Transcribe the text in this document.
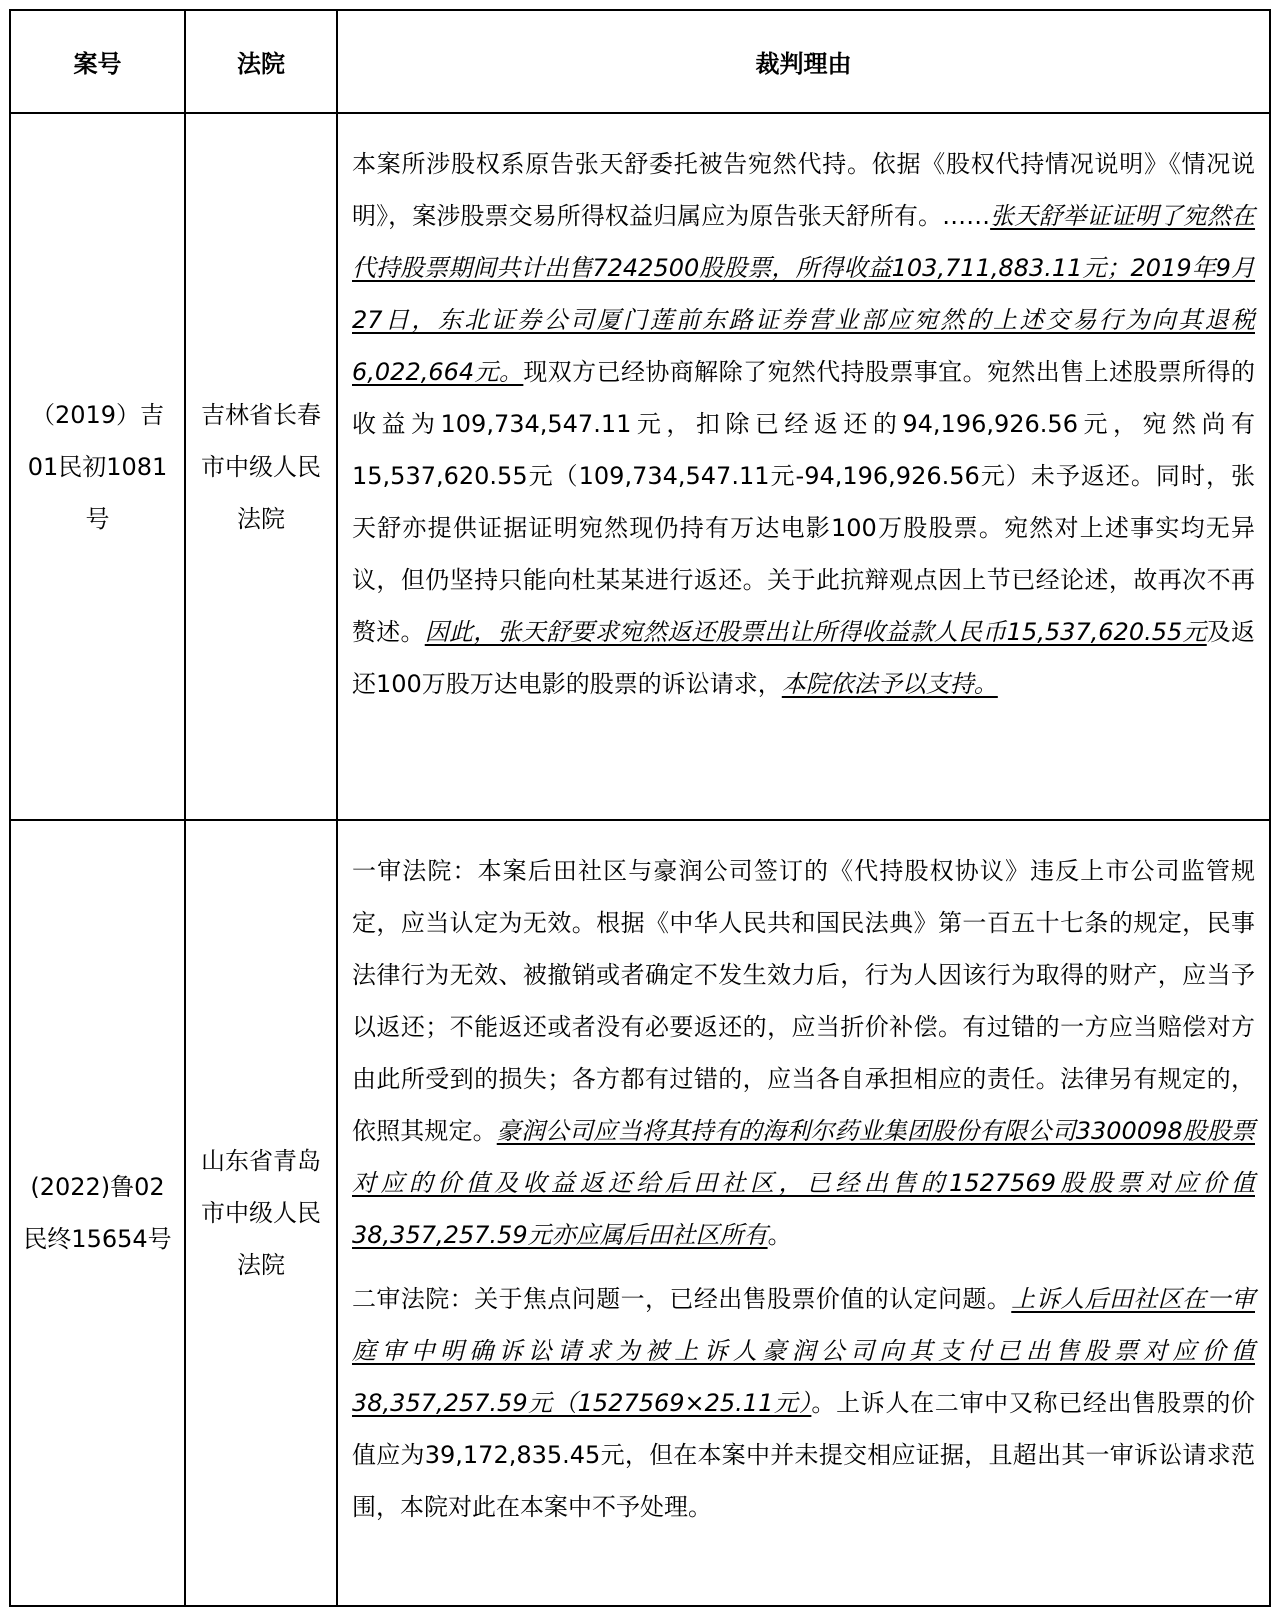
案号	法院	裁判理由

（2019）吉01民初1081号	吉林省长春市中级人民法院	本案所涉股权系原告张天舒委托被告宛然代持。依据《股权代持情况说明》《情况说明》，案涉股票交易所得权益归属应为原告张天舒所有。……张天舒举证证明了宛然在代持股票期间共计出售7242500股股票，所得收益103,711,883.11元；2019年9月27日，东北证券公司厦门莲前东路证券营业部应宛然的上述交易行为向其退税6,022,664元。现双方已经协商解除了宛然代持股票事宜。宛然出售上述股票所得的收益为109,734,547.11元，扣除已经返还的94,196,926.56元，宛然尚有15,537,620.55元（109,734,547.11元-94,196,926.56元）未予返还。同时，张天舒亦提供证据证明宛然现仍持有万达电影100万股股票。宛然对上述事实均无异议，但仍坚持只能向杜某某进行返还。关于此抗辩观点因上节已经论述，故再次不再赘述。因此，张天舒要求宛然返还股票出让所得收益款人民币15,537,620.55元及返还100万股万达电影的股票的诉讼请求，本院依法予以支持。

(2022)鲁02民终15654号	山东省青岛市中级人民法院	一审法院：本案后田社区与豪润公司签订的《代持股权协议》违反上市公司监管规定，应当认定为无效。根据《中华人民共和国民法典》第一百五十七条的规定，民事法律行为无效、被撤销或者确定不发生效力后，行为人因该行为取得的财产，应当予以返还；不能返还或者没有必要返还的，应当折价补偿。有过错的一方应当赔偿对方由此所受到的损失；各方都有过错的，应当各自承担相应的责任。法律另有规定的，依照其规定。豪润公司应当将其持有的海利尔药业集团股份有限公司3300098股股票对应的价值及收益返还给后田社区，已经出售的1527569股股票对应价值38,357,257.59元亦应属后田社区所有。

二审法院：关于焦点问题一，已经出售股票价值的认定问题。上诉人后田社区在一审庭审中明确诉讼请求为被上诉人豪润公司向其支付已出售股票对应价值38,357,257.59元（1527569×25.11元）。上诉人在二审中又称已经出售股票的价值应为39,172,835.45元，但在本案中并未提交相应证据，且超出其一审诉讼请求范围，本院对此在本案中不予处理。
